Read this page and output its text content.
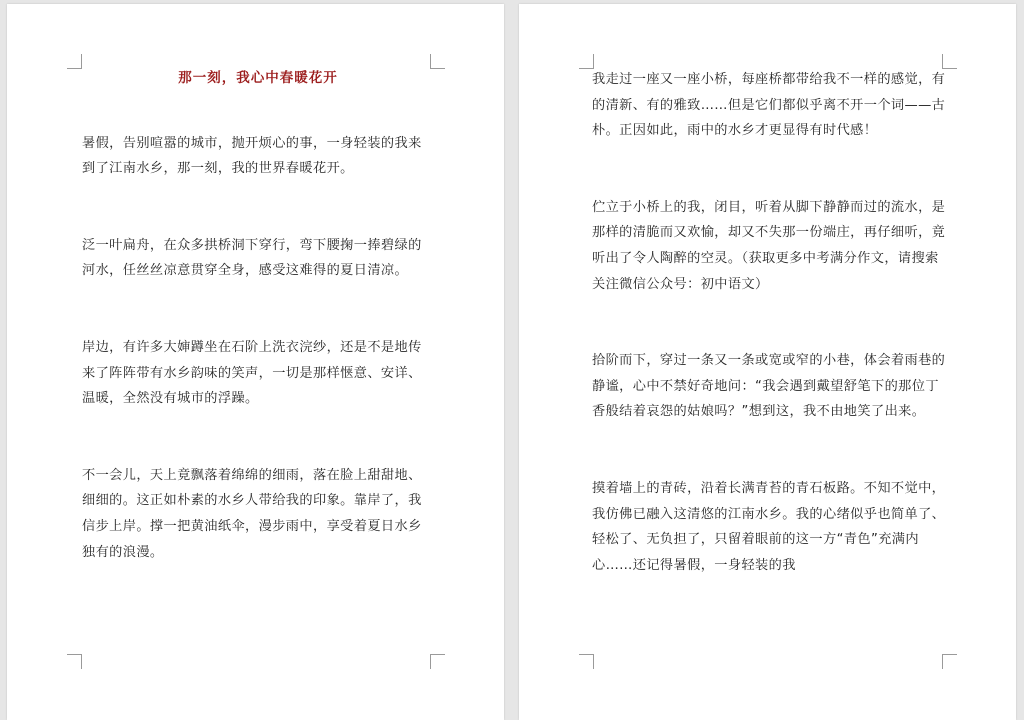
那一刻，我心中春暖花开

暑假，告别喧嚣的城市，抛开烦心的事，一身轻装的我来到了江南水乡，那一刻，我的世界春暖花开。

泛一叶扁舟，在众多拱桥洞下穿行，弯下腰掬一捧碧绿的河水，任丝丝凉意贯穿全身，感受这难得的夏日清凉。

岸边，有许多大婶蹲坐在石阶上洗衣浣纱，还是不是地传来了阵阵带有水乡韵味的笑声，一切是那样惬意、安详、温暖，全然没有城市的浮躁。

不一会儿，天上竟飘落着绵绵的细雨，落在脸上甜甜地、细细的。这正如朴素的水乡人带给我的印象。靠岸了，我信步上岸。撑一把黄油纸伞，漫步雨中，享受着夏日水乡独有的浪漫。

我走过一座又一座小桥，每座桥都带给我不一样的感觉，有的清新、有的雅致……但是它们都似乎离不开一个词——古朴。正因如此，雨中的水乡才更显得有时代感！

伫立于小桥上的我，闭目，听着从脚下静静而过的流水，是那样的清脆而又欢愉，却又不失那一份端庄，再仔细听，竟听出了令人陶醉的空灵。（获取更多中考满分作文，请搜索关注微信公众号：初中语文）

拾阶而下，穿过一条又一条或宽或窄的小巷，体会着雨巷的静谧，心中不禁好奇地问：“我会遇到戴望舒笔下的那位丁香般结着哀怨的姑娘吗？”想到这，我不由地笑了出来。

摸着墙上的青砖，沿着长满青苔的青石板路。不知不觉中，我仿佛已融入这清悠的江南水乡。我的心绪似乎也简单了、轻松了、无负担了，只留着眼前的这一方“青色”充满内心……还记得暑假，一身轻装的我
